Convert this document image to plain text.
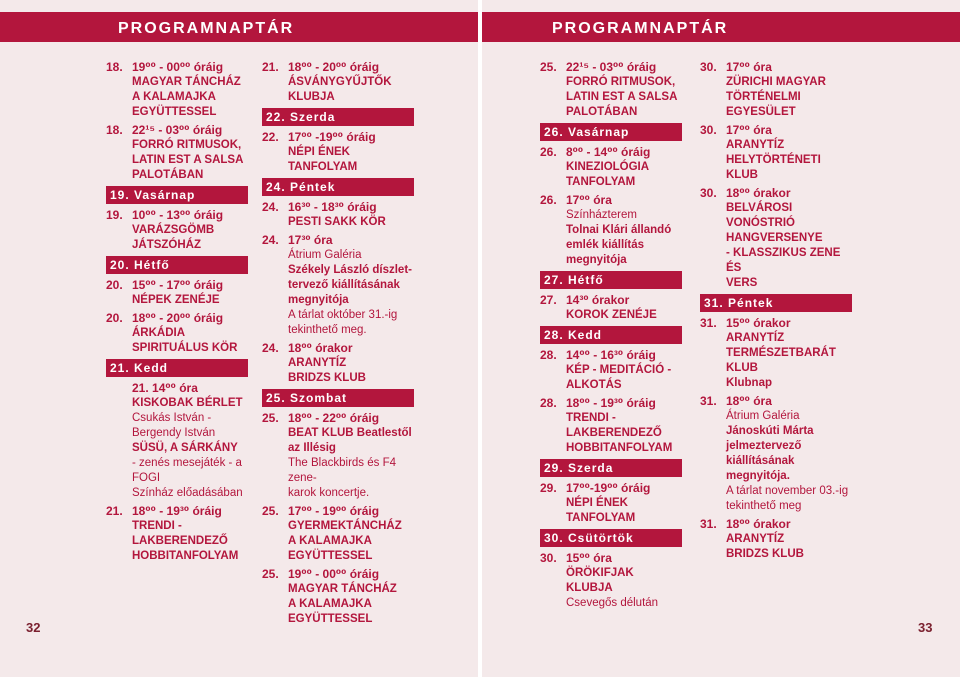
PROGRAMNAPTÁR
32
18. 19⁰⁰ - 00⁰⁰ óráig
MAGYAR TÁNCHÁZ
A KALAMAJKA
EGYÜTTESSEL
18. 22¹⁵ - 03⁰⁰ óráig
FORRÓ RITMUSOK,
LATIN EST A SALSA
PALOTÁBAN
19. Vasárnap
19. 10⁰⁰ - 13⁰⁰ óráig
VARÁZSGÖMB
JÁTSZÓHÁZ
20. Hétfő
20. 15⁰⁰ - 17⁰⁰ óráig
NÉPEK ZENÉJE
20. 18⁰⁰ - 20⁰⁰ óráig
ÁRKÁDIA
SPIRITUÁLUS KÖR
21. Kedd
21. 14⁰⁰ óra
KISKOBAK BÉRLET
Csukás István -
Bergendy István
SÜSÜ, A SÁRKÁNY
- zenés mesejáték - a FOGI
Színház előadásában
21. 18⁰⁰ - 19³⁰ óráig
TRENDI - LAKBERENDEZŐ
HOBBITANFOLYAM
21. 18⁰⁰ - 20⁰⁰ óráig
ÁSVÁNYGYŰJTŐK KLUBJA
22. Szerda
22. 17⁰⁰ -19⁰⁰ óráig
NÉPI ÉNEK TANFOLYAM
24. Péntek
24. 16³⁰ - 18³⁰ óráig
PESTI SAKK KÖR
24. 17³⁰ óra
Átrium Galéria
Székely László díszlet-
tervező kiállításának
megnyitója
A tárlat október 31.-ig
tekinthető meg.
24. 18⁰⁰ órakor
ARANYTÍZ
BRIDZS KLUB
25. Szombat
25. 18⁰⁰ - 22⁰⁰ óráig
BEAT KLUB Beatlestől
az Illésig
The Blackbirds és F4 zene-
karok koncertje.
25. 17⁰⁰ - 19⁰⁰ óráig
GYERMEKTÁNCHÁZ
A KALAMAJKA
EGYÜTTESSEL
25. 19⁰⁰ - 00⁰⁰ óráig
MAGYAR TÁNCHÁZ
A KALAMAJKA
EGYÜTTESSEL
PROGRAMNAPTÁR
33
25. 22¹⁵ - 03⁰⁰ óráig
FORRÓ RITMUSOK,
LATIN EST A SALSA
PALOTÁBAN
26. Vasárnap
26. 8⁰⁰ - 14⁰⁰ óráig
KINEZIOLÓGIA
TANFOLYAM
26. 17⁰⁰ óra
Színházterem
Tolnai Klári állandó
emlék kiállítás
megnyitója
27. Hétfő
27. 14³⁰ órakor
KOROK ZENÉJE
28. Kedd
28. 14⁰⁰ - 16³⁰ óráig
KÉP - MEDITÁCIÓ -
ALKOTÁS
28. 18⁰⁰ - 19³⁰ óráig
TRENDI - LAKBERENDEZŐ
HOBBITANFOLYAM
29. Szerda
29. 17⁰⁰-19⁰⁰ óráig
NÉPI ÉNEK TANFOLYAM
30. Csütörtök
30. 15⁰⁰ óra
ÖRÖKIFJAK KLUBJA
Csevegős délután
30. 17⁰⁰ óra
ZÜRICHI MAGYAR
TÖRTÉNELMI EGYESÜLET
30. 17⁰⁰ óra
ARANYTÍZ
HELYTÖRTÉNETI KLUB
30. 18⁰⁰ órakor
BELVÁROSI VONÓSTRIÓ
HANGVERSENYE
- KLASSZIKUS ZENE ÉS
VERS
31. Péntek
31. 15⁰⁰ órakor
ARANYTÍZ
TERMÉSZETBARÁT KLUB
Klubnap
31. 18⁰⁰ óra
Átrium Galéria
Jánoskúti Márta
jelmeztervező
kiállításának
megnyitója.
A tárlat november 03.-ig
tekinthető meg
31. 18⁰⁰ órakor
ARANYTÍZ
BRIDZS KLUB
